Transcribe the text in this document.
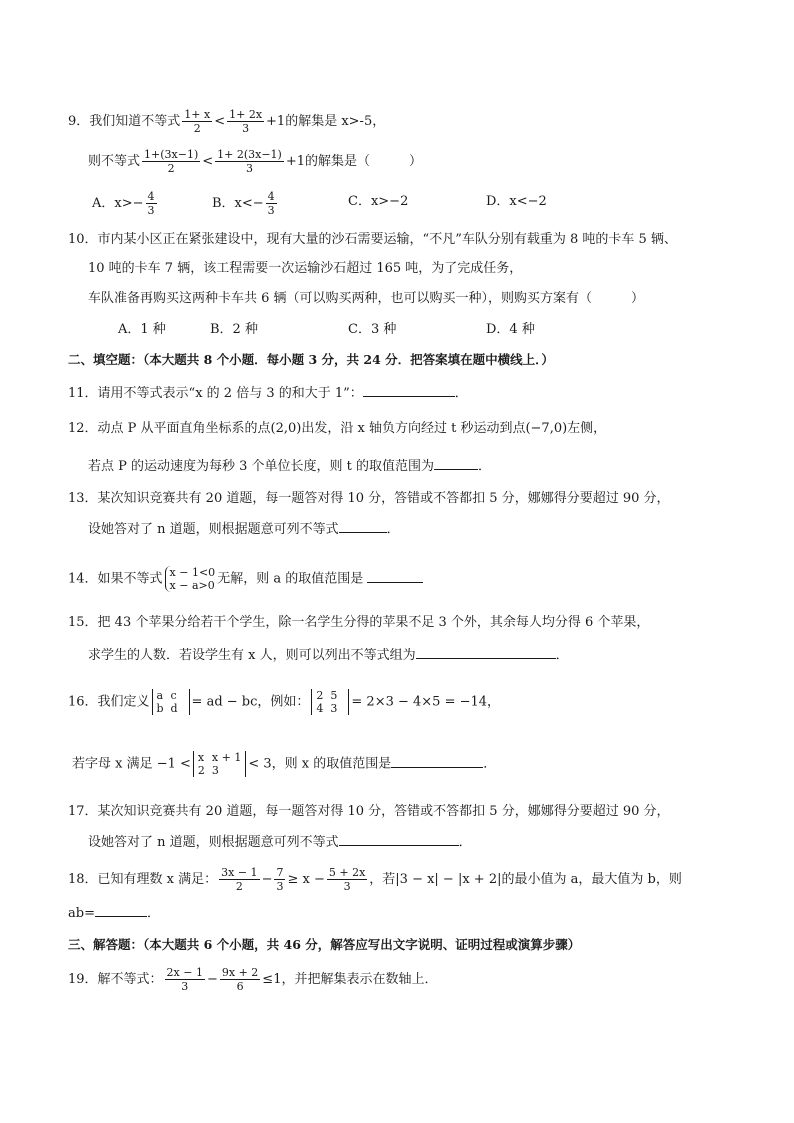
9．我们知道不等式 $\frac{1+ x}{2} < \frac{1+ 2x}{3} +1$的解集是 x>-5，
则不等式 $\frac{1+(3x-1)}{2} < \frac{1+ 2(3x-1)}{3} +1$的解集是（　　　）
A．$x>- \frac{4}{3}$	B．$x<- \frac{4}{3}$	C．x>−2	D．x<−2
10．市内某小区正在紧张建设中，现有大量的沙石需要运输，“不凡”车队分别有载重为 8 吨的卡车 5 辆、
10 吨的卡车 7 辆，该工程需要一次运输沙石超过 165 吨，为了完成任务，
车队准备再购买这两种卡车共 6 辆（可以购买两种，也可以购买一种），则购买方案有（　　　）
A．1 种	B．2 种	C．3 种	D．4 种
二、填空题：（本大题共 8 个小题．每小题 3 分，共 24 分．把答案填在题中横线上．）
11．请用不等式表示“x 的 2 倍与 3 的和大于 1”：	．
12．动点 P 从平面直角坐标系的点(2,0)出发，沿 x 轴负方向经过 t 秒运动到点(−7,0)左侧，
若点 P 的运动速度为每秒 3 个单位长度，则 t 的取值范围为	．
13．某次知识竞赛共有 20 道题，每一题答对得 10 分，答错或不答都扣 5 分，娜娜得分要超过 90 分，
设她答对了 n 道题，则根据题意可列不等式	．
14．如果不等式 x − 1<0
x − a>0 无解，则 a 的取值范围是
15．把 43 个苹果分给若干个学生，除一名学生分得的苹果不足 3 个外，其余每人均分得 6 个苹果，
求学生的人数．若设学生有 x 人，则可以列出不等式组为	．
16．我们定义 a c
b d = ad − bc，例如： 2 5
4 3 = 2×3 − 4×5 = −14，
若字母 x 满足 −1 < x x + 1
2 3 < 3，则 x 的取值范围是	．
17．某次知识竞赛共有 20 道题，每一题答对得 10 分，答错或不答都扣 5 分，娜娜得分要超过 90 分，
设她答对了 n 道题，则根据题意可列不等式	．
18．已知有理数 x 满足： $\frac{3x - 1}{2} - \frac{7}{3} \ge x - \frac{5 + 2x}{3}$ ，若|3 − x| − |x + 2|的最小值为 a，最大值为 b，则
ab=	．
三、解答题：（本大题共 6 个小题，共 46 分，解答应写出文字说明、证明过程或演算步骤）
19．解不等式： $\frac{2x - 1}{3} - \frac{9x + 2}{6} \le 1$，并把解集表示在数轴上．
